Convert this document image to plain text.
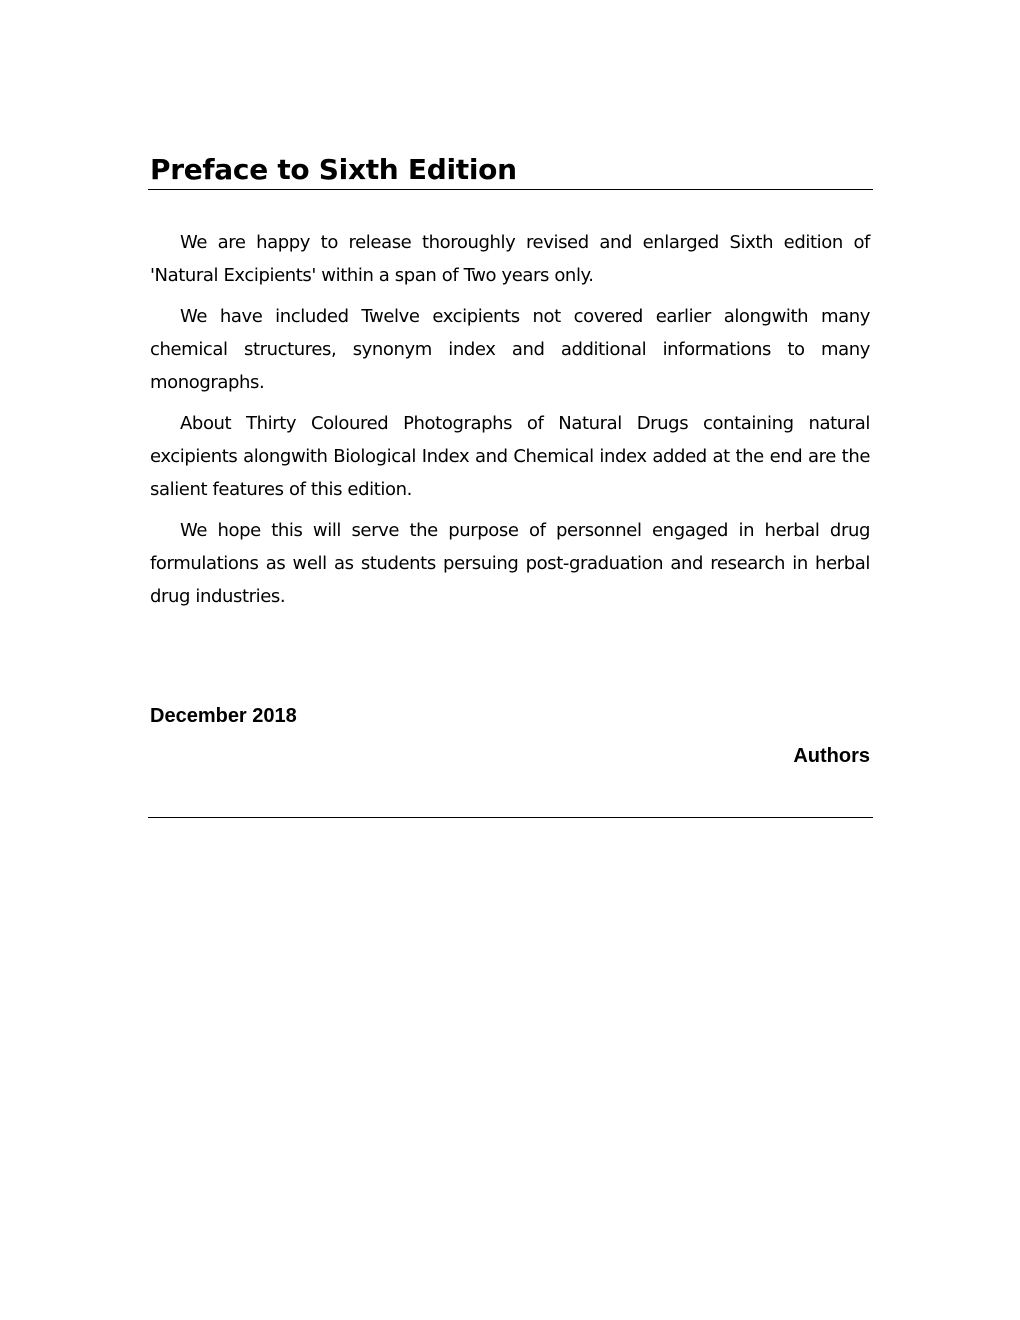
Preface to Sixth Edition

We are happy to release thoroughly revised and enlarged Sixth edition of 'Natural Excipients' within a span of Two years only.

We have included Twelve excipients not covered earlier alongwith many chemical structures, synonym index and additional informations to many monographs.

About Thirty Coloured Photographs of Natural Drugs containing natural excipients alongwith Biological Index and Chemical index added at the end are the salient features of this edition.

We hope this will serve the purpose of personnel engaged in herbal drug formulations as well as students persuing post-graduation and research in herbal drug industries.

December 2018

Authors
